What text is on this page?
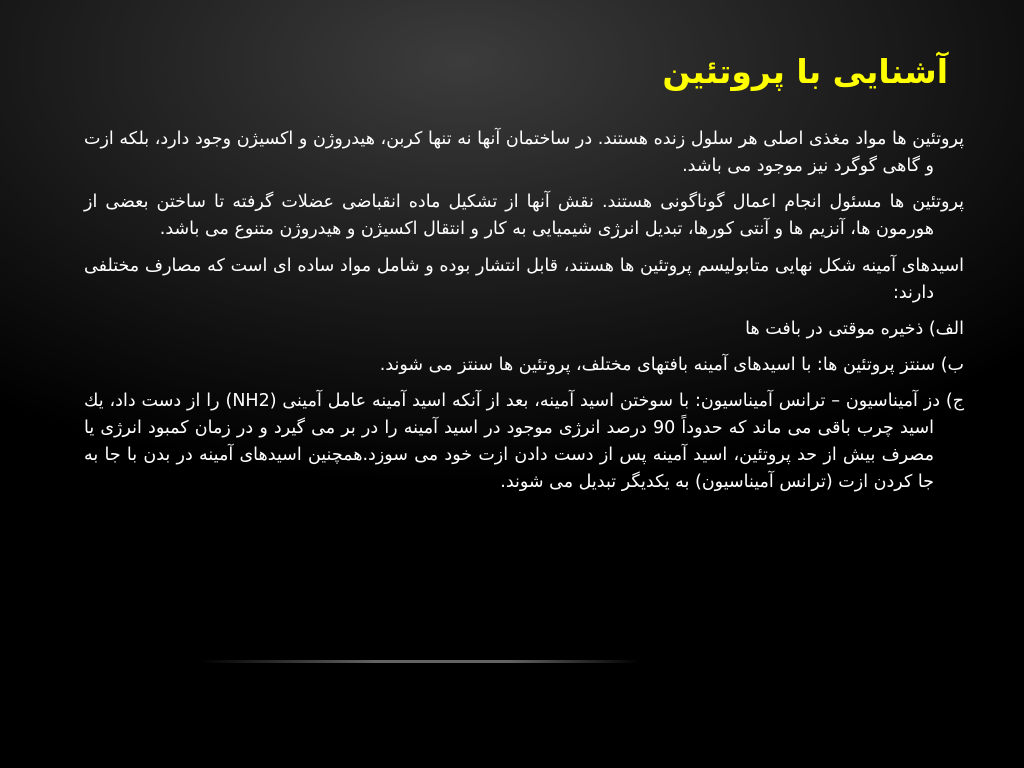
آشنایی با پروتئین

پروتئین ها مواد مغذی اصلی هر سلول زنده هستند. در ساختمان آنها نه تنها کربن، هیدروژن و اکسیژن وجود دارد، بلکه ازت و گاهی گوگرد نیز موجود می باشد.

پروتئین ها مسئول انجام اعمال گوناگونی هستند. نقش آنها از تشکیل ماده انقباضی عضلات گرفته تا ساختن بعضی از هورمون ها، آنزیم ها و آنتی کورها، تبدیل انرژی شیمیایی به کار و انتقال اکسیژن و هیدروژن متنوع می باشد.

اسیدهای آمینه شکل نهایی متابولیسم پروتئین ها هستند، قابل انتشار بوده و شامل مواد ساده ای است که مصارف مختلفی دارند:

الف) ذخیره موقتی در بافت ها

ب) سنتز پروتئین ها: با اسیدهای آمینه بافتهای مختلف، پروتئین ها سنتز می شوند.

ج) دز آمیناسیون – ترانس آمیناسیون: با سوختن اسید آمینه، بعد از آنکه اسید آمینه عامل آمینی (NH2) را از دست داد، يك اسید چرب باقی می ماند که حدوداً 90 درصد انرژی موجود در اسید آمینه را در بر می گیرد و در زمان کمبود انرژی یا مصرف بیش از حد پروتئین، اسید آمینه پس از دست دادن ازت خود می سوزد.همچنین اسیدهای آمینه در بدن با جا به جا کردن ازت (ترانس آمیناسیون) به یکدیگر تبدیل می شوند.
